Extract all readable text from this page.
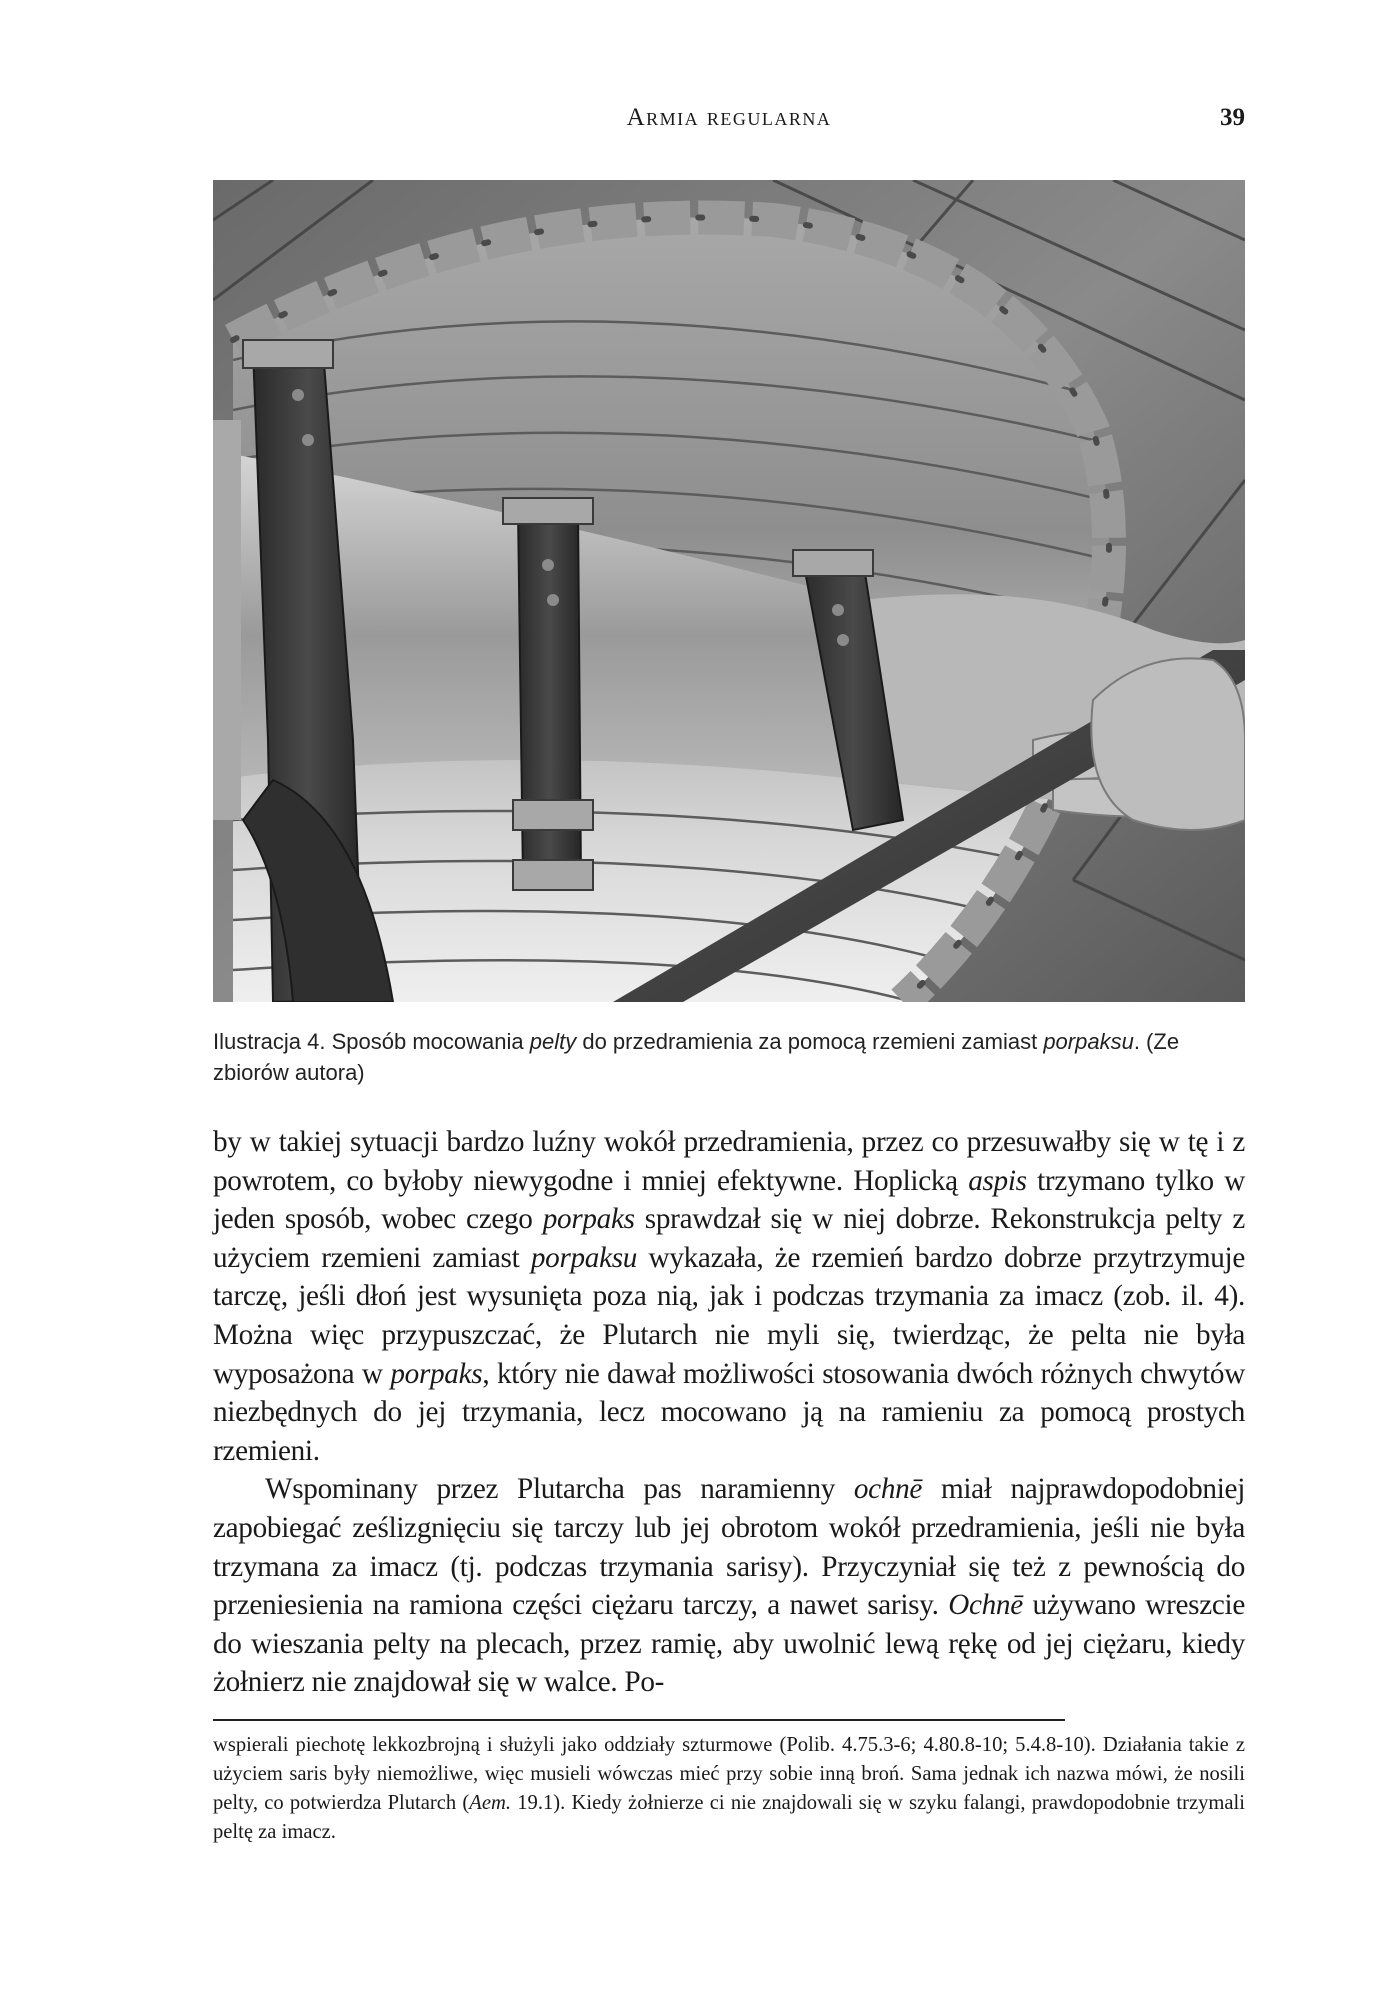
Armia regularna	39
Ilustracja 4. Sposób mocowania pelty do przedramienia za pomocą rzemieni zamiast porpaksu. (Ze zbiorów autora)

by w takiej sytuacji bardzo luźny wokół przedramienia, przez co przesuwałby się w tę i z powrotem, co byłoby niewygodne i mniej efektywne. Hoplicką aspis trzymano tylko w jeden sposób, wobec czego porpaks sprawdzał się w niej dobrze. Rekonstrukcja pelty z użyciem rzemieni zamiast porpaksu wykazała, że rzemień bardzo dobrze przytrzymuje tarczę, jeśli dłoń jest wysunięta poza nią, jak i podczas trzymania za imacz (zob. il. 4). Można więc przypuszczać, że Plutarch nie myli się, twierdząc, że pelta nie była wyposażona w porpaks, który nie dawał możliwości stosowania dwóch różnych chwytów niezbędnych do jej trzymania, lecz mocowano ją na ramieniu za pomocą prostych rzemieni.

Wspominany przez Plutarcha pas naramienny ochnē miał najprawdopodobniej zapobiegać ześlizgnięciu się tarczy lub jej obrotom wokół przedramienia, jeśli nie była trzymana za imacz (tj. podczas trzymania sarisy). Przyczyniał się też z pewnością do przeniesienia na ramiona części ciężaru tarczy, a nawet sarisy. Ochnē używano wreszcie do wieszania pelty na plecach, przez ramię, aby uwolnić lewą rękę od jej ciężaru, kiedy żołnierz nie znajdował się w walce. Po-

wspierali piechotę lekkozbrojną i służyli jako oddziały szturmowe (Polib. 4.75.3-6; 4.80.8-10; 5.4.8-10). Działania takie z użyciem saris były niemożliwe, więc musieli wówczas mieć przy sobie inną broń. Sama jednak ich nazwa mówi, że nosili pelty, co potwierdza Plutarch (Aem. 19.1). Kiedy żołnierze ci nie znajdowali się w szyku falangi, prawdopodobnie trzymali peltę za imacz.
